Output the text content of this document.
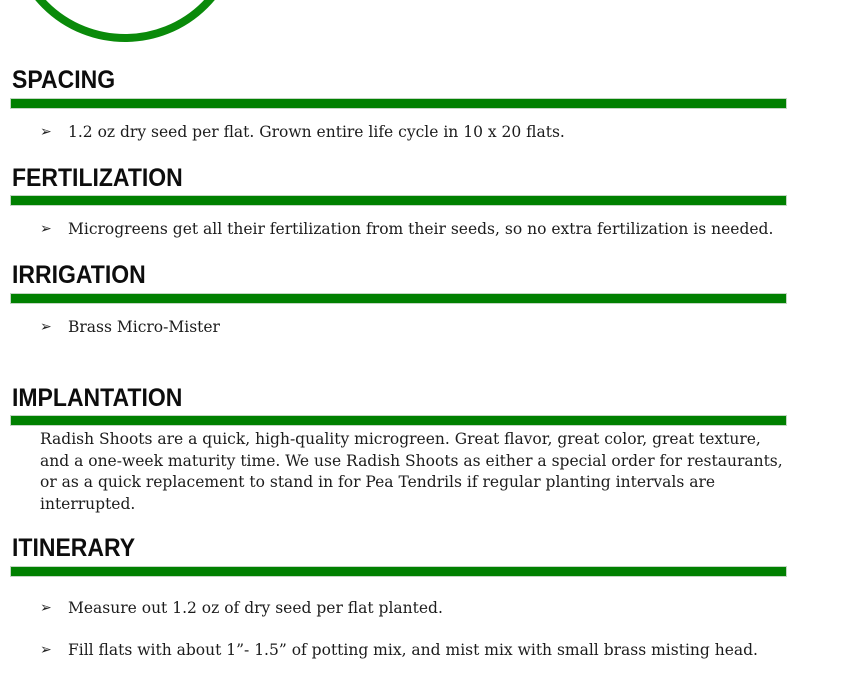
SPACING
➢	1.2 oz dry seed per flat. Grown entire life cycle in 10 x 20 flats.
FERTILIZATION
➢	Microgreens get all their fertilization from their seeds, so no extra fertilization is needed.
IRRIGATION
➢	Brass Micro-Mister
IMPLANTATION

Radish Shoots are a quick, high-quality microgreen. Great flavor, great color, great texture, and a one-week maturity time. We use Radish Shoots as either a special order for restaurants, or as a quick replacement to stand in for Pea Tendrils if regular planting intervals are interrupted.

ITINERARY
➢	Measure out 1.2 oz of dry seed per flat planted.
➢	Fill flats with about 1”- 1.5” of potting mix, and mist mix with small brass misting head.
